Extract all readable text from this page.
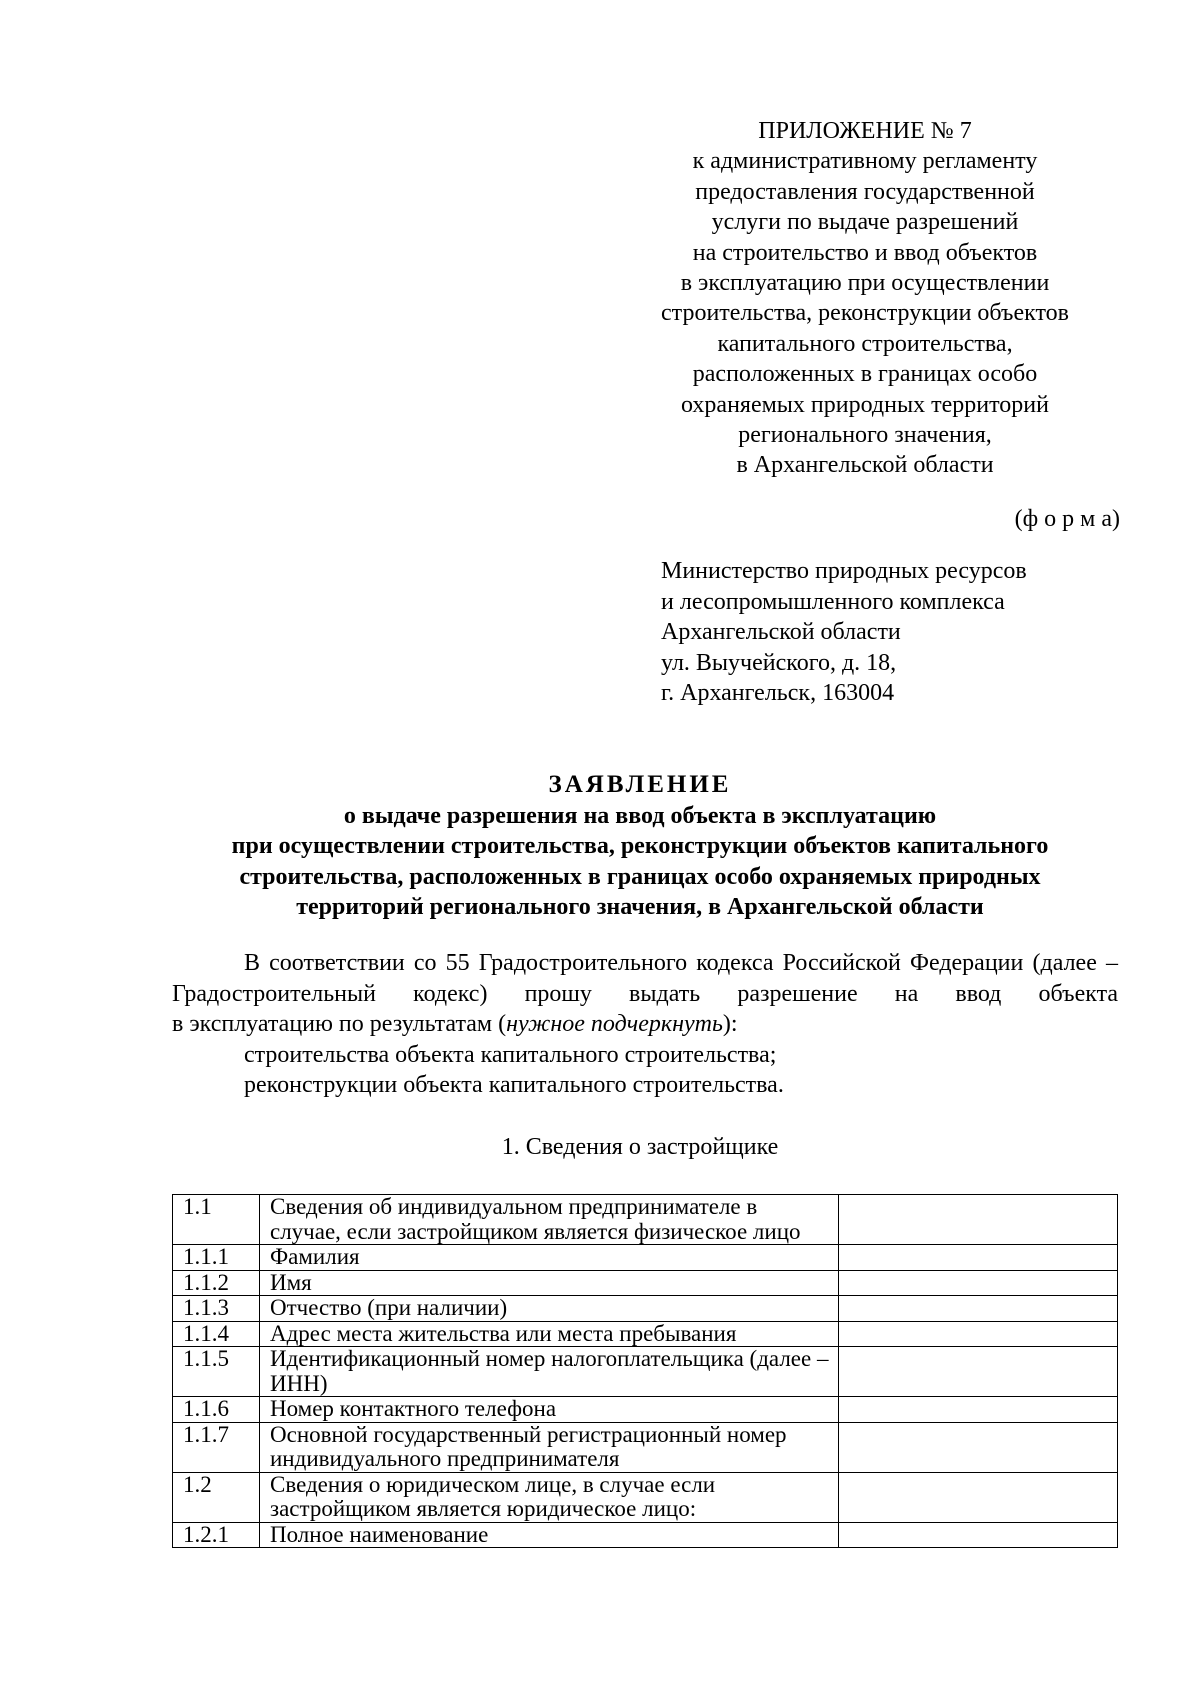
ПРИЛОЖЕНИЕ № 7
к административному регламенту
предоставления государственной
услуги по выдаче разрешений
на строительство и ввод объектов
в эксплуатацию при осуществлении
строительства, реконструкции объектов
капитального строительства,
расположенных в границах особо
охраняемых природных территорий
регионального значения,
в Архангельской области
(ф о р м а)
Министерство природных ресурсов
и лесопромышленного комплекса
Архангельской области
ул. Выучейского, д. 18,
г. Архангельск, 163004
ЗАЯВЛЕНИЕ
о выдаче разрешения на ввод объекта в эксплуатацию
при осуществлении строительства, реконструкции объектов капитального
строительства, расположенных в границах особо охраняемых природных
территорий регионального значения, в Архангельской области

В соответствии со 55 Градостроительного кодекса Российской Федерации (далее – Градостроительный кодекс) прошу выдать разрешение на ввод объекта

в эксплуатацию по результатам (нужное подчеркнуть):

строительства объекта капитального строительства;

реконструкции объекта капитального строительства.

1. Сведения о застройщике
1.1	Сведения об индивидуальном предпринимателе в случае, если застройщиком является физическое лицо	
1.1.1	Фамилия	
1.1.2	Имя	
1.1.3	Отчество (при наличии)	
1.1.4	Адрес места жительства или места пребывания	
1.1.5	Идентификационный номер налогоплательщика (далее – ИНН)	
1.1.6	Номер контактного телефона	
1.1.7	Основной государственный регистрационный номер индивидуального предпринимателя	
1.2	Сведения о юридическом лице, в случае если застройщиком является юридическое лицо:	
1.2.1	Полное наименование	
